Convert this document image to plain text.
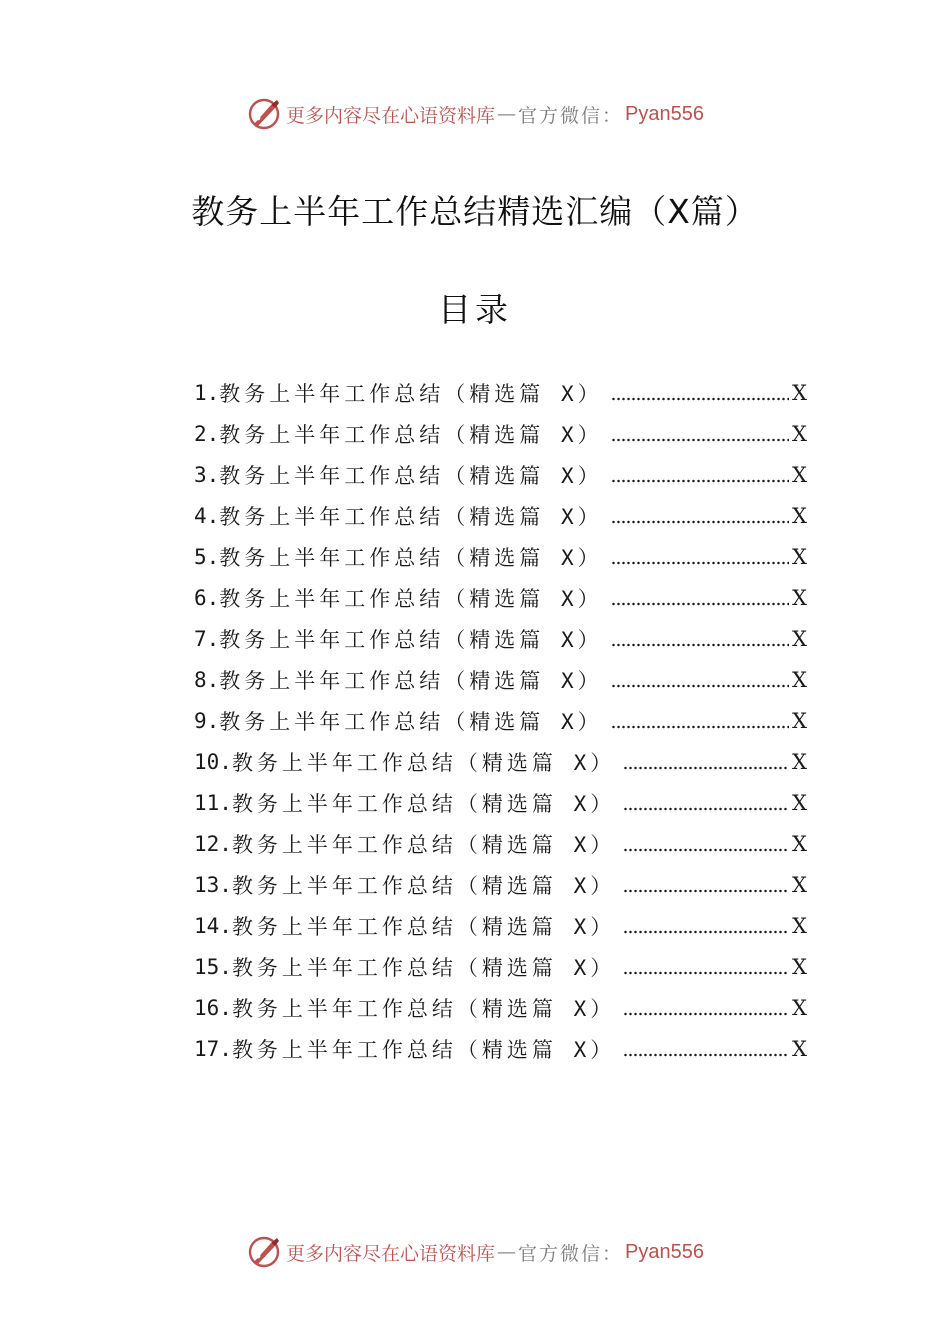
更多内容尽在心语资料库 — 官方微信： Pyan556
教务上半年工作总结精选汇编（X篇）
目录
1. 教务上半年工作总结（精选篇 X）	X
2. 教务上半年工作总结（精选篇 X）	X
3. 教务上半年工作总结（精选篇 X）	X
4. 教务上半年工作总结（精选篇 X）	X
5. 教务上半年工作总结（精选篇 X）	X
6. 教务上半年工作总结（精选篇 X）	X
7. 教务上半年工作总结（精选篇 X）	X
8. 教务上半年工作总结（精选篇 X）	X
9. 教务上半年工作总结（精选篇 X）	X
10. 教务上半年工作总结（精选篇 X）	X
11. 教务上半年工作总结（精选篇 X）	X
12. 教务上半年工作总结（精选篇 X）	X
13. 教务上半年工作总结（精选篇 X）	X
14. 教务上半年工作总结（精选篇 X）	X
15. 教务上半年工作总结（精选篇 X）	X
16. 教务上半年工作总结（精选篇 X）	X
17. 教务上半年工作总结（精选篇 X）	X
更多内容尽在心语资料库 — 官方微信： Pyan556
